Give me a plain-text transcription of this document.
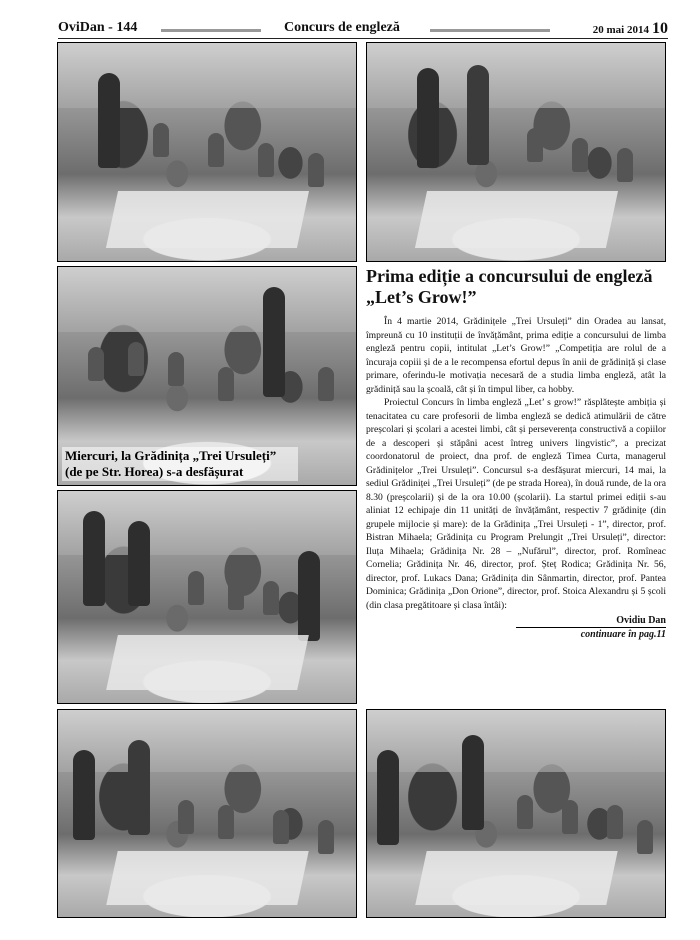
OviDan - 144	Concurs de engleză	20 mai 2014 10
Miercuri, la Grădinița „Trei Ursuleți” (de pe Str. Horea) s-a desfășurat
Prima ediție a concursului de engleză „Let’s Grow!”

În 4 martie 2014, Grădinițele „Trei Ursuleți” din Oradea au lansat, împreună cu 10 instituții de învățământ, prima ediție a concursului de limba engleză pentru copii, intitulat „Let’s Grow!” „Competiția are rolul de a încuraja copiii și de a le recompensa efortul depus în anii de grădiniță și clase primare, oferindu-le motivația necesară de a studia limba engleză, atât la grădiniță sau la școală, cât și în timpul liber, ca hobby.

Proiectul Concurs în limba engleză „Let’ s grow!” răsplătește ambiția și tenacitatea cu care profesorii de limba engleză se dedică atimulării de către preșcolari și școlari a acestei limbi, cât și perseverența constructivă a copiilor de a descoperi și stăpâni acest întreg univers lingvistic”, a precizat coordonatorul de proiect, dna prof. de engleză Timea Curta, managerul Grădinițelor „Trei Ursuleți”. Concursul s-a desfășurat miercuri, 14 mai, la sediul Grădiniței „Trei Ursuleți” (de pe strada Horea), în două runde, de la ora 8.30 (preșcolarii) și de la ora 10.00 (școlarii). La startul primei ediții s-au aliniat 12 echipaje din 11 unități de învățământ, respectiv 7 grădinițe (din grupele mijlocie și mare): de la Grădinița „Trei Ursuleți - 1”, director, prof. Bistran Mihaela; Grădinița cu Program Prelungit „Trei Ursuleți”, director: Iluța Mihaela; Grădinița Nr. 28 – „Nufărul”, director, prof. Romîneac Cornelia; Grădinița Nr. 46, director, prof. Șteț Rodica; Grădinița Nr. 56, director, prof. Lukacs Dana; Grădinița din Sânmartin, director, prof. Pantea Dominica; Grădinița „Don Orione”, director, prof. Stoica Alexandru și 5 școli (din clasa pregătitoare și clasa întâi):

Ovidiu Dan
continuare în pag.11
